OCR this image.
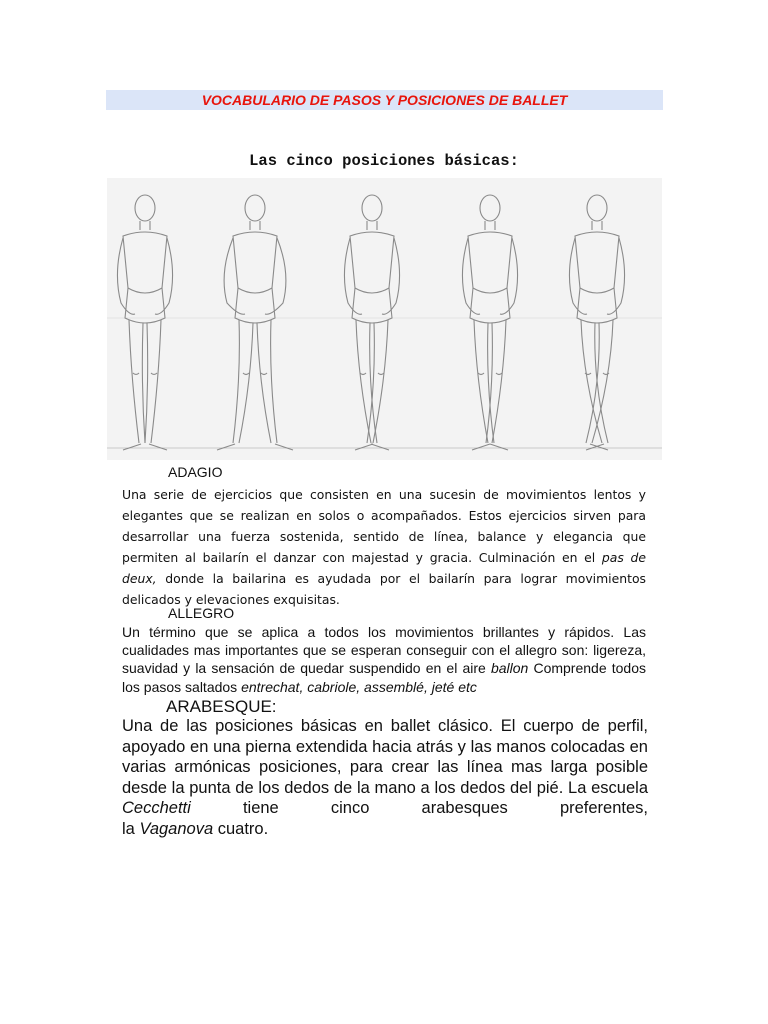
VOCABULARIO DE PASOS Y POSICIONES DE BALLET
Las cinco posiciones básicas:
ADAGIO

Una serie de ejercicios que consisten en una sucesin de movimientos lentos y elegantes que se realizan en solos o acompañados. Estos ejercicios sirven para desarrollar una fuerza sostenida, sentido de línea, balance y elegancia que permiten al bailarín el danzar con majestad y gracia. Culminación en el pas de deux, donde la bailarina es ayudada por el bailarín para lograr movimientos delicados y elevaciones exquisitas.

ALLEGRO

Un término que se aplica a todos los movimientos brillantes y rápidos. Las cualidades mas importantes que se esperan conseguir con el allegro son: ligereza, suavidad y la sensación de quedar suspendido en el aire ballon Comprende todos los pasos saltados entrechat, cabriole, assemblé, jeté etc

ARABESQUE:
Una de las posiciones básicas en ballet clásico. El cuerpo de perfil, apoyado en una pierna extendida hacia atrás y las manos colocadas en varias armónicas posiciones, para crear las línea mas larga posible desde la punta de los dedos de la mano a los dedos del pié. La escuela Cecchetti tiene cinco arabesques preferentes,
la Vaganova cuatro.
